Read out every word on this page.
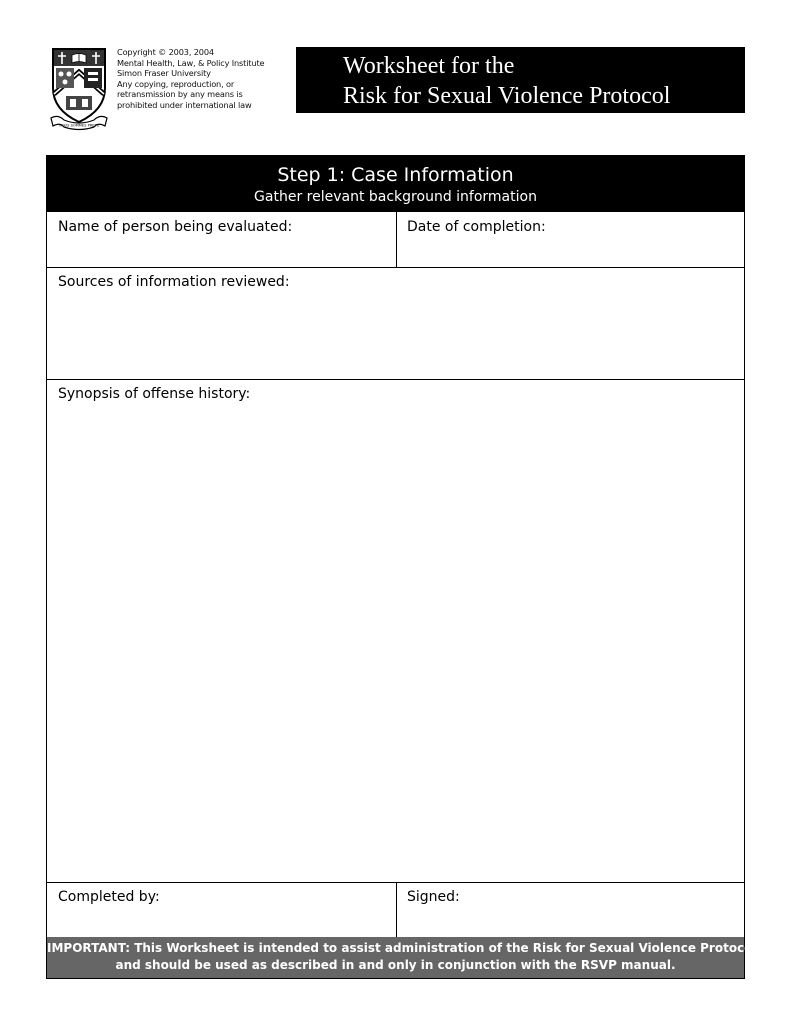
NOUS SOMMES PRETS
Copyright © 2003, 2004
Mental Health, Law, & Policy Institute
Simon Fraser University
Any copying, reproduction, or
retransmission by any means is
prohibited under international law
Worksheet for the
Risk for Sexual Violence Protocol
Step 1: Case Information
Gather relevant background information
Name of person being evaluated:	Date of completion:
Sources of information reviewed:
Synopsis of offense history:
Completed by:	Signed:
IMPORTANT: This Worksheet is intended to assist administration of the Risk for Sexual Violence Protocol
and should be used as described in and only in conjunction with the RSVP manual.
